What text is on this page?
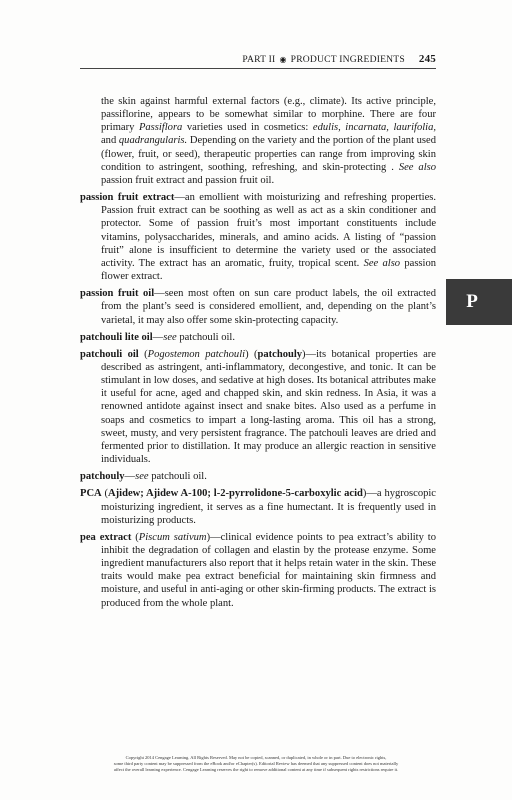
PART II ◉ PRODUCT INGREDIENTS 245
P

the skin against harmful external factors (e.g., climate). Its active principle, passiflorine, appears to be somewhat similar to morphine. There are four primary Passiflora varieties used in cosmetics: edulis, incarnata, laurifolia, and quadrangularis. Depending on the variety and the portion of the plant used (flower, fruit, or seed), therapeutic properties can range from improving skin condition to astringent, soothing, refreshing, and skin-protecting . See also passion fruit extract and passion fruit oil.

passion fruit extract—an emollient with moisturizing and refreshing properties. Passion fruit extract can be soothing as well as act as a skin conditioner and protector. Some of passion fruit’s most important constituents include vitamins, polysaccharides, minerals, and amino acids. A listing of “passion fruit” alone is insufficient to determine the variety used or the associated activity. The extract has an aromatic, fruity, tropical scent. See also passion flower extract.

passion fruit oil—seen most often on sun care product labels, the oil extracted from the plant’s seed is considered emollient, and, depending on the plant’s varietal, it may also offer some skin-protecting capacity.

patchouli lite oil—see patchouli oil.

patchouli oil (Pogostemon patchouli) (patchouly)—its botanical properties are described as astringent, anti-inflammatory, decongestive, and tonic. It can be stimulant in low doses, and sedative at high doses. Its botanical attributes make it useful for acne, aged and chapped skin, and skin redness. In Asia, it was a renowned antidote against insect and snake bites. Also used as a perfume in soaps and cosmetics to impart a long-lasting aroma. This oil has a strong, sweet, musty, and very persistent fragrance. The patchouli leaves are dried and fermented prior to distillation. It may produce an allergic reaction in sensitive individuals.

patchouly—see patchouli oil.

PCA (Ajidew; Ajidew A-100; l-2-pyrrolidone-5-carboxylic acid)—a hygroscopic moisturizing ingredient, it serves as a fine humectant. It is frequently used in moisturizing products.

pea extract (Piscum sativum)—clinical evidence points to pea extract’s ability to inhibit the degradation of collagen and elastin by the protease enzyme. Some ingredient manufacturers also report that it helps retain water in the skin. These traits would make pea extract beneficial for maintaining skin firmness and moisture, and useful in anti-aging or other skin-firming products. The extract is produced from the whole plant.

Copyright 2014 Cengage Learning. All Rights Reserved. May not be copied, scanned, or duplicated, in whole or in part. Due to electronic rights,
some third party content may be suppressed from the eBook and/or eChapter(s). Editorial Review has deemed that any suppressed content does not materially
affect the overall learning experience. Cengage Learning reserves the right to remove additional content at any time if subsequent rights restrictions require it.
